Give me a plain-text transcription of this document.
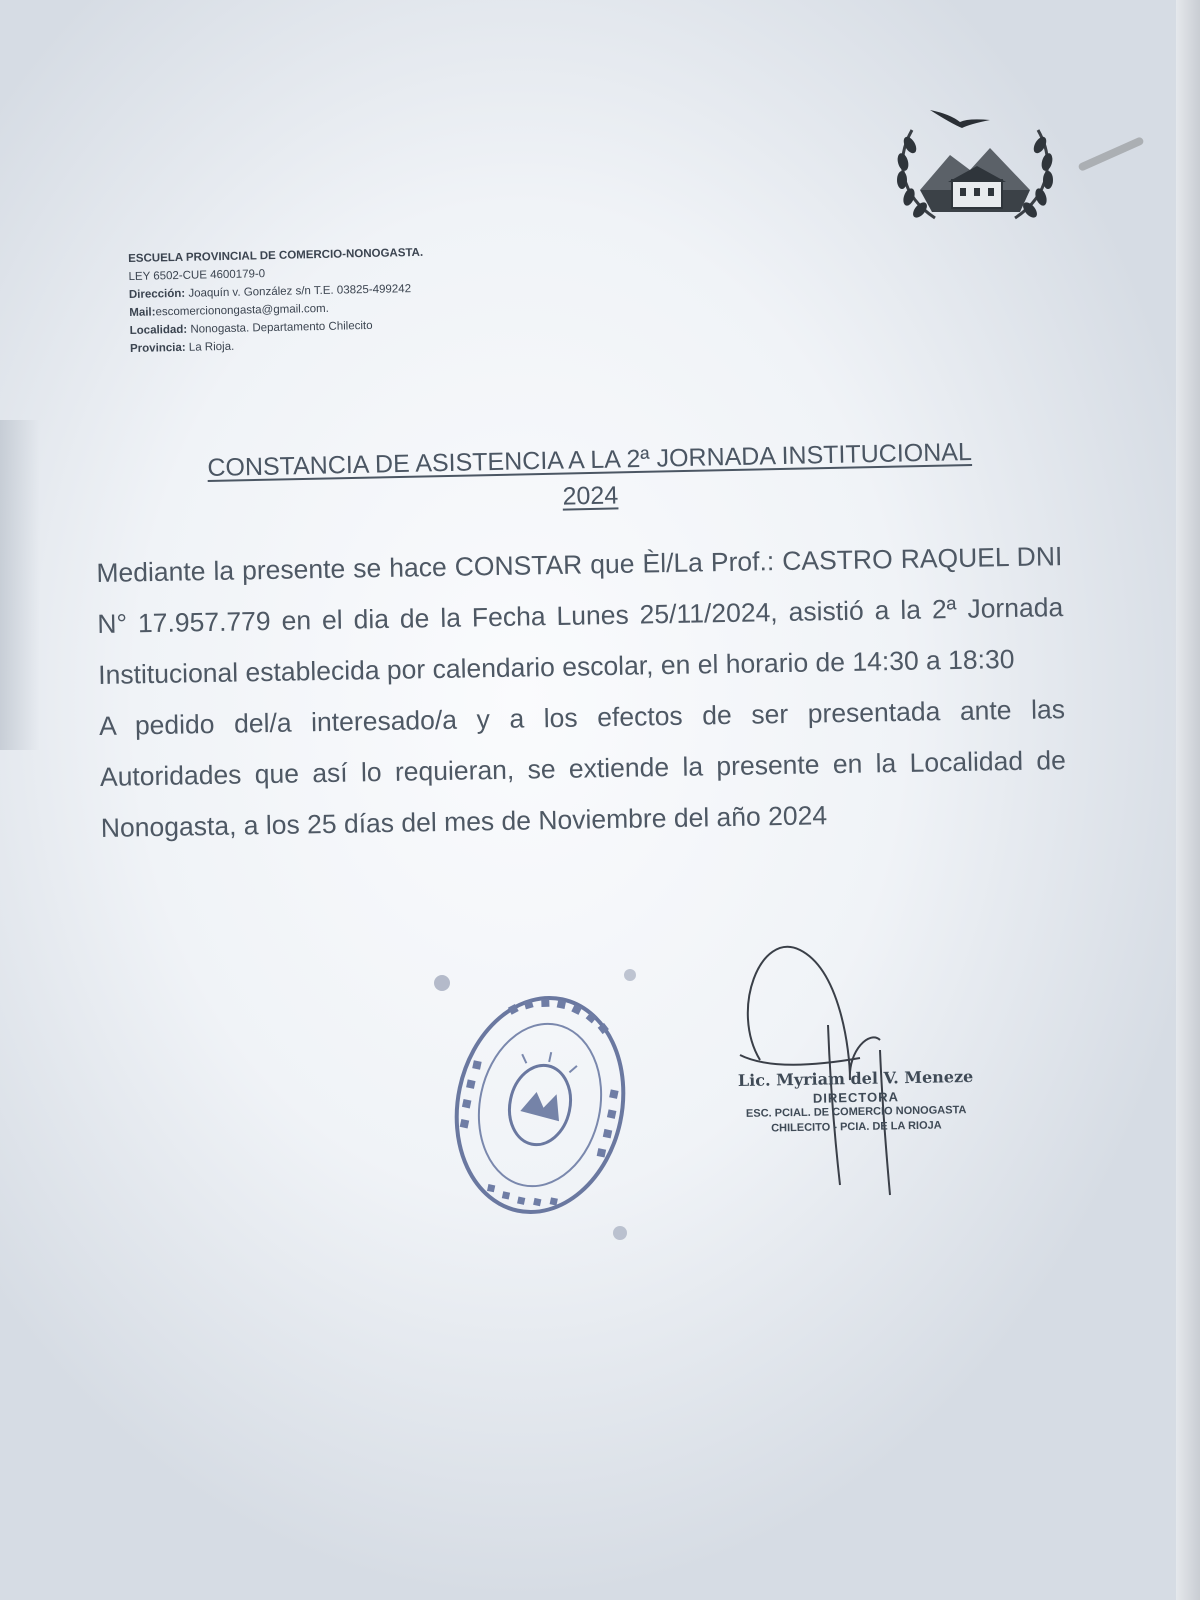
ESCUELA PROVINCIAL DE COMERCIO-NONOGASTA.
LEY 6502-CUE 4600179-0
Dirección: Joaquín v. González s/n T.E. 03825-499242
Mail:escomercionongasta@gmail.com.
Localidad: Nonogasta. Departamento Chilecito
Provincia: La Rioja.
CONSTANCIA DE ASISTENCIA A LA 2ª JORNADA INSTITUCIONAL
2024

Mediante la presente se hace CONSTAR que Èl/La Prof.: CASTRO RAQUEL DNI N° 17.957.779 en el dia de la Fecha Lunes 25/11/2024, asistió a la 2ª Jornada Institucional establecida por calendario escolar, en el horario de 14:30 a 18:30

A pedido del/a interesado/a y a los efectos de ser presentada ante las Autoridades que así lo requieran, se extiende la presente en la Localidad de Nonogasta, a los 25 días del mes de Noviembre del año 2024

Lic. Myriam del V. Meneze
DIRECTORA
ESC. PCIAL. DE COMERCIO NONOGASTA
CHILECITO - PCIA. DE LA RIOJA
